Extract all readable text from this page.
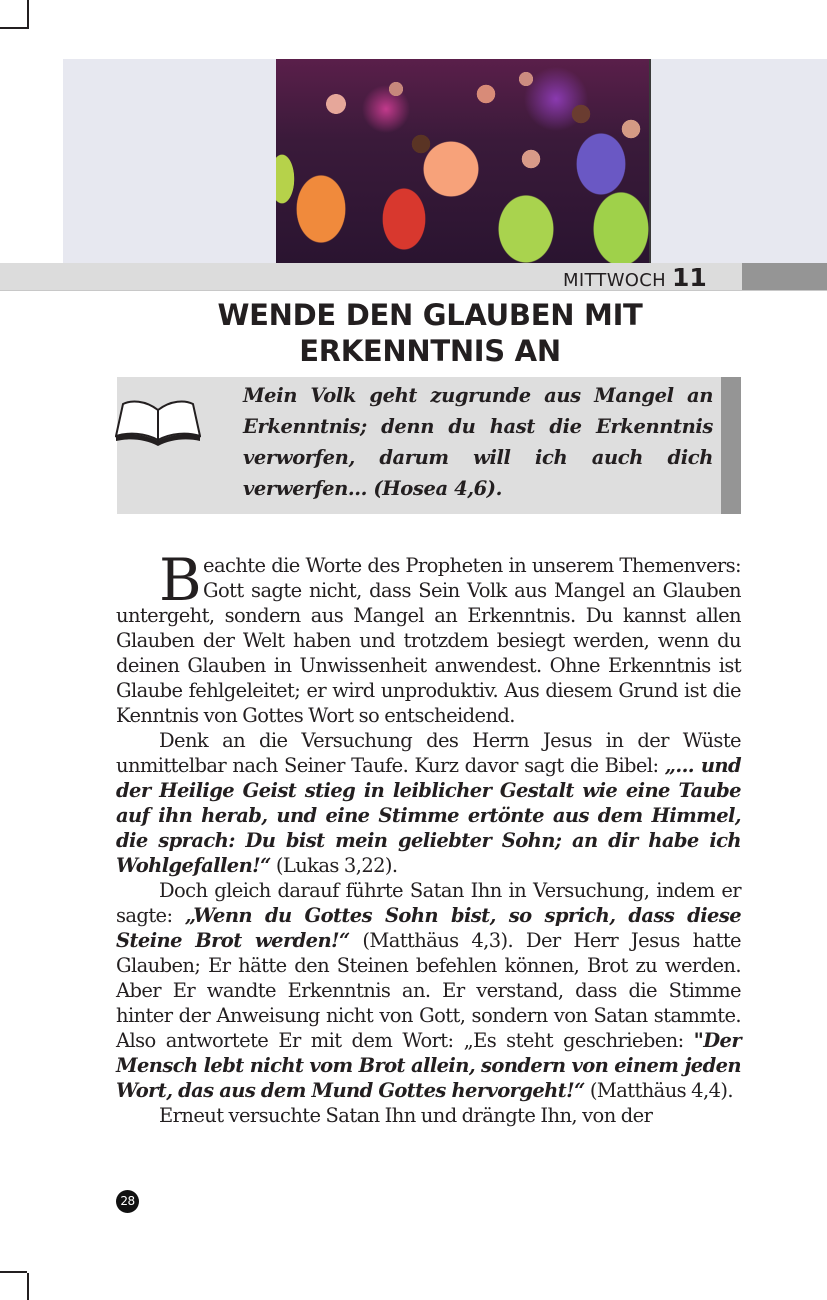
MITTWOCH 11
WENDE DEN GLAUBEN MIT
ERKENNTNIS AN
Mein Volk geht zugrunde aus Mangel an Erkenntnis; denn du hast die Erkenntnis verworfen, darum will ich auch dich verwerfen... (Hosea 4,6).

Beachte die Worte des Propheten in unserem Themenvers: Gott sagte nicht, dass Sein Volk aus Mangel an Glauben untergeht, sondern aus Mangel an Erkenntnis. Du kannst allen Glauben der Welt haben und trotzdem besiegt werden, wenn du deinen Glauben in Unwissenheit anwendest. Ohne Erkenntnis ist Glaube fehlgeleitet; er wird unproduktiv. Aus diesem Grund ist die Kenntnis von Gottes Wort so entscheidend.

Denk an die Versuchung des Herrn Jesus in der Wüste unmittelbar nach Seiner Taufe. Kurz davor sagt die Bibel: „... und der Heilige Geist stieg in leiblicher Gestalt wie eine Taube auf ihn herab, und eine Stimme ertönte aus dem Himmel, die sprach: Du bist mein geliebter Sohn; an dir habe ich Wohlgefallen!“ (Lukas 3,22).

Doch gleich darauf führte Satan Ihn in Versuchung, indem er sagte: „Wenn du Gottes Sohn bist, so sprich, dass diese Steine Brot werden!“ (Matthäus 4,3). Der Herr Jesus hatte Glauben; Er hätte den Steinen befehlen können, Brot zu werden. Aber Er wandte Erkenntnis an. Er verstand, dass die Stimme hinter der Anweisung nicht von Gott, sondern von Satan stammte. Also antwortete Er mit dem Wort: „Es steht geschrieben: "Der Mensch lebt nicht vom Brot allein, sondern von einem jeden Wort, das aus dem Mund Gottes hervorgeht!“ (Matthäus 4,4).

Erneut versuchte Satan Ihn und drängte Ihn, von der

28
